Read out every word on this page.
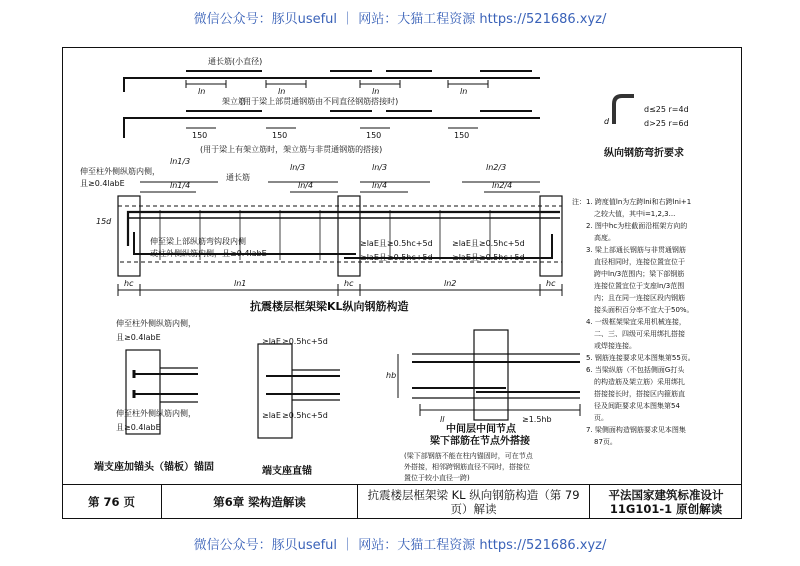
微信公众号：豚贝useful ｜ 网站：大猫工程资源 https://521686.xyz/
通长筋(小直径)
ln	ln	ln	ln
(用于梁上部贯通钢筋由不同直径钢筋搭接时)
架立筋
150	150	150	150
(用于梁上有架立筋时，架立筋与非贯通钢筋的搭接)
ln1/3
ln1/4
ln/3	ln/3
ln/4	ln/4
ln2/3
ln2/4
通长筋
伸至柱外侧纵筋内侧，
且≥0.4labE
15d
伸至梁上部纵筋弯钩段内侧
或柱外侧纵筋内侧，且≥0.4labE
≥laE且≥0.5hc+5d ≥laE且≥0.5hc+5d
≥laE且≥0.5hc+5d ≥laE且≥0.5hc+5d
hc	hc	hc
ln1	ln2
抗震楼层框架梁KL纵向钢筋构造
d
d≤25 r=4d
d>25 r=6d
纵向钢筋弯折要求
注：1. 跨度值ln为左跨lni和右跨lni+1
之较大值，其中i=1,2,3...
2. 图中hc为柱截面沿框架方向的
高度。
3. 梁上部通长钢筋与非贯通钢筋
直径相同时，连接位置宜位于
跨中ln/3范围内；梁下部钢筋
连接位置宜位于支座ln/3范围
内；且在同一连接区段内钢筋
接头面积百分率不宜大于50%。
4. 一级框架梁宜采用机械连接，
二、三、四级可采用绑扎搭接
或焊接连接。
5. 钢筋连接要求见本图集第55页。
6. 当梁纵筋（不包括侧面G打头
的构造筋及架立筋）采用绑扎
搭接接长时，搭接区内箍筋直
径及间距要求见本图集第54
页。
7. 梁侧面构造钢筋要求见本图集
87页。
伸至柱外侧纵筋内侧，
且≥0.4labE
伸至柱外侧纵筋内侧，
且≥0.4labE
端支座加锚头（锚板）锚固
≥laE ≥0.5hc+5d
≥laE ≥0.5hc+5d
端支座直锚
hb
ll	≥1.5hb
中间层中间节点
梁下部筋在节点外搭接
(梁下部钢筋不能在柱内锚固时，可在节点
外搭接，相邻跨钢筋直径不同时，搭接位
置位于较小直径一跨)
第 76 页	第6章 梁构造解读	抗震楼层框架梁 KL 纵向钢筋构造（第 79 页）解读
平法国家建筑标准设计
11G101-1 原创解读
微信公众号：豚贝useful ｜ 网站：大猫工程资源 https://521686.xyz/
